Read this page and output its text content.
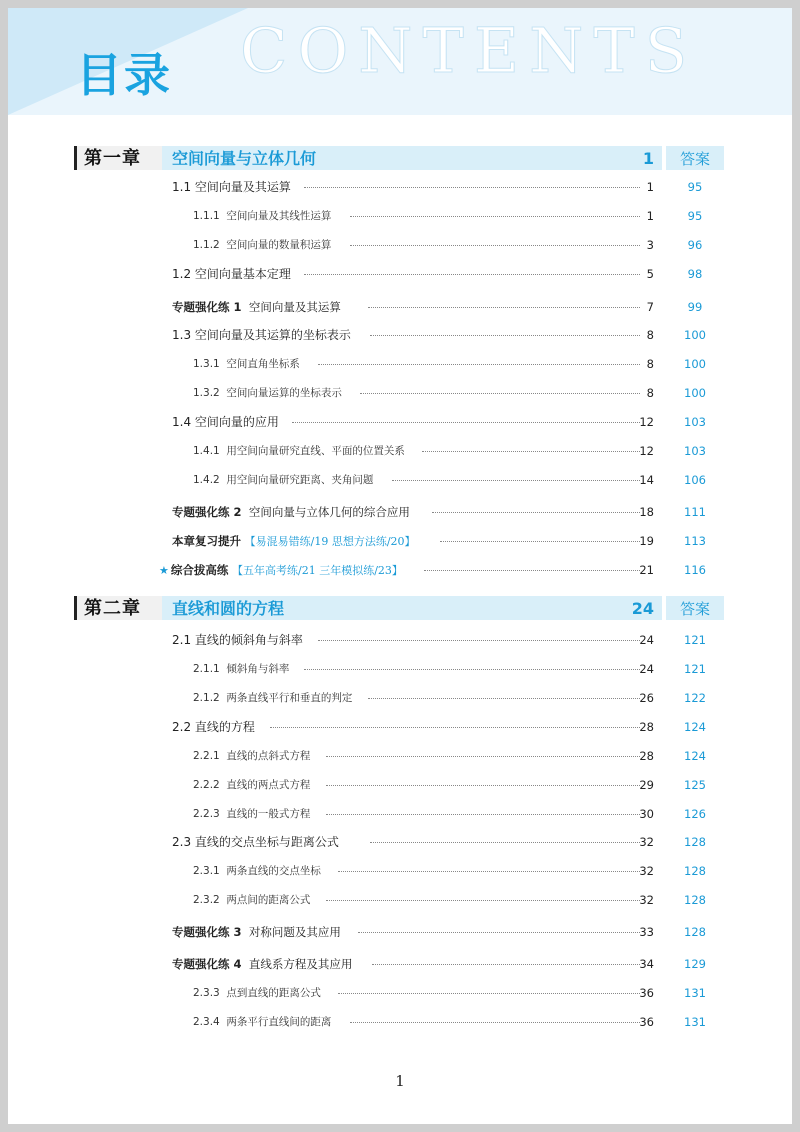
CONTENTS
目录
第一章 空间向量与立体几何	1	答案
1.1 空间向量及其运算	1	95
1.1.1 空间向量及其线性运算	1	95
1.1.2 空间向量的数量积运算	3	96
1.2 空间向量基本定理	5	98
专题强化练 1 空间向量及其运算	7	99
1.3 空间向量及其运算的坐标表示	8	100
1.3.1 空间直角坐标系	8	100
1.3.2 空间向量运算的坐标表示	8	100
1.4 空间向量的应用	12	103
1.4.1 用空间向量研究直线、平面的位置关系	12	103
1.4.2 用空间向量研究距离、夹角问题	14	106
专题强化练 2 空间向量与立体几何的综合应用	18	111
本章复习提升 【易混易错练/19 思想方法练/20】	19	113
★ 综合拔高练 【五年高考练/21 三年模拟练/23】	21	116
第二章 直线和圆的方程	24	答案
2.1 直线的倾斜角与斜率	24	121
2.1.1 倾斜角与斜率	24	121
2.1.2 两条直线平行和垂直的判定	26	122
2.2 直线的方程	28	124
2.2.1 直线的点斜式方程	28	124
2.2.2 直线的两点式方程	29	125
2.2.3 直线的一般式方程	30	126
2.3 直线的交点坐标与距离公式	32	128
2.3.1 两条直线的交点坐标	32	128
2.3.2 两点间的距离公式	32	128
专题强化练 3 对称问题及其应用	33	128
专题强化练 4 直线系方程及其应用	34	129
2.3.3 点到直线的距离公式	36	131
2.3.4 两条平行直线间的距离	36	131
1
